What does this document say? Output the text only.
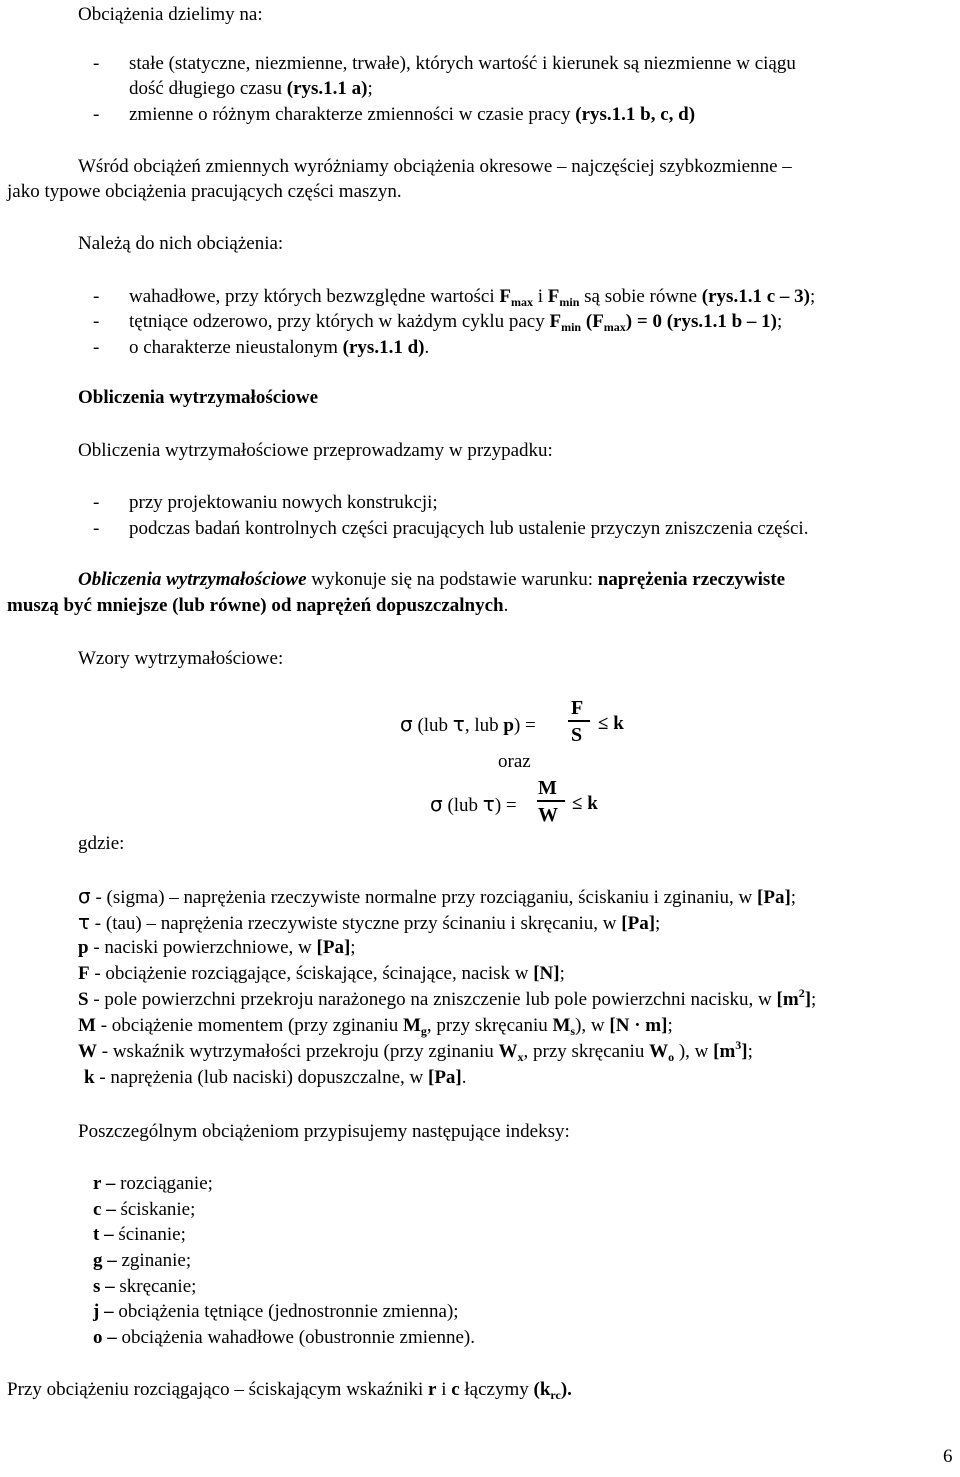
Obciążenia dzielimy na:
- stałe (statyczne, niezmienne, trwałe), których wartość i kierunek są niezmienne w ciągu
dość długiego czasu (rys.1.1 a);
- zmienne o różnym charakterze zmienności w czasie pracy (rys.1.1 b, c, d)
Wśród obciążeń zmiennych wyróżniamy obciążenia okresowe – najczęściej szybkozmienne –
jako typowe obciążenia pracujących części maszyn.
Należą do nich obciążenia:
- wahadłowe, przy których bezwzględne wartości $F_{max}$ i $F_{min}$ są sobie równe (rys.1.1 c – 3);
- tętniące odzerowo, przy których w każdym cyklu pacy $F_{min}$ $(F_{max}) = 0$ (rys.1.1 b – 1);
- o charakterze nieustalonym (rys.1.1 d).
Obliczenia wytrzymałościowe
Obliczenia wytrzymałościowe przeprowadzamy w przypadku:
- przy projektowaniu nowych konstrukcji;
- podczas badań kontrolnych części pracujących lub ustalenie przyczyn zniszczenia części.
Obliczenia wytrzymałościowe wykonuje się na podstawie warunku: naprężenia rzeczywiste
muszą być mniejsze (lub równe) od naprężeń dopuszczalnych.
Wzory wytrzymałościowe:
σ (lub τ, lub p) =
F
S
≤ k
oraz
σ (lub τ) =
M
W
≤ k
gdzie:
σ - (sigma) – naprężenia rzeczywiste normalne przy rozciąganiu, ściskaniu i zginaniu, w [Pa];
τ - (tau) – naprężenia rzeczywiste styczne przy ścinaniu i skręcaniu, w [Pa];
p - naciski powierzchniowe, w [Pa];
F - obciążenie rozciągające, ściskające, ścinające, nacisk w [N];
S - pole powierzchni przekroju narażonego na zniszczenie lub pole powierzchni nacisku, w $[m^2]$;
M - obciążenie momentem (przy zginaniu $M_g$, przy skręcaniu $M_s$), w [N · m];
W - wskaźnik wytrzymałości przekroju (przy zginaniu $W_x$, przy skręcaniu $W_o$ ), w $[m^3]$;
k - naprężenia (lub naciski) dopuszczalne, w [Pa].
Poszczególnym obciążeniom przypisujemy następujące indeksy:
r – rozciąganie;
c – ściskanie;
t – ścinanie;
g – zginanie;
s – skręcanie;
j – obciążenia tętniące (jednostronnie zmienna);
o – obciążenia wahadłowe (obustronnie zmienne).
Przy obciążeniu rozciągająco – ściskającym wskaźniki r i c łączymy $(k_{rc})$.
6
